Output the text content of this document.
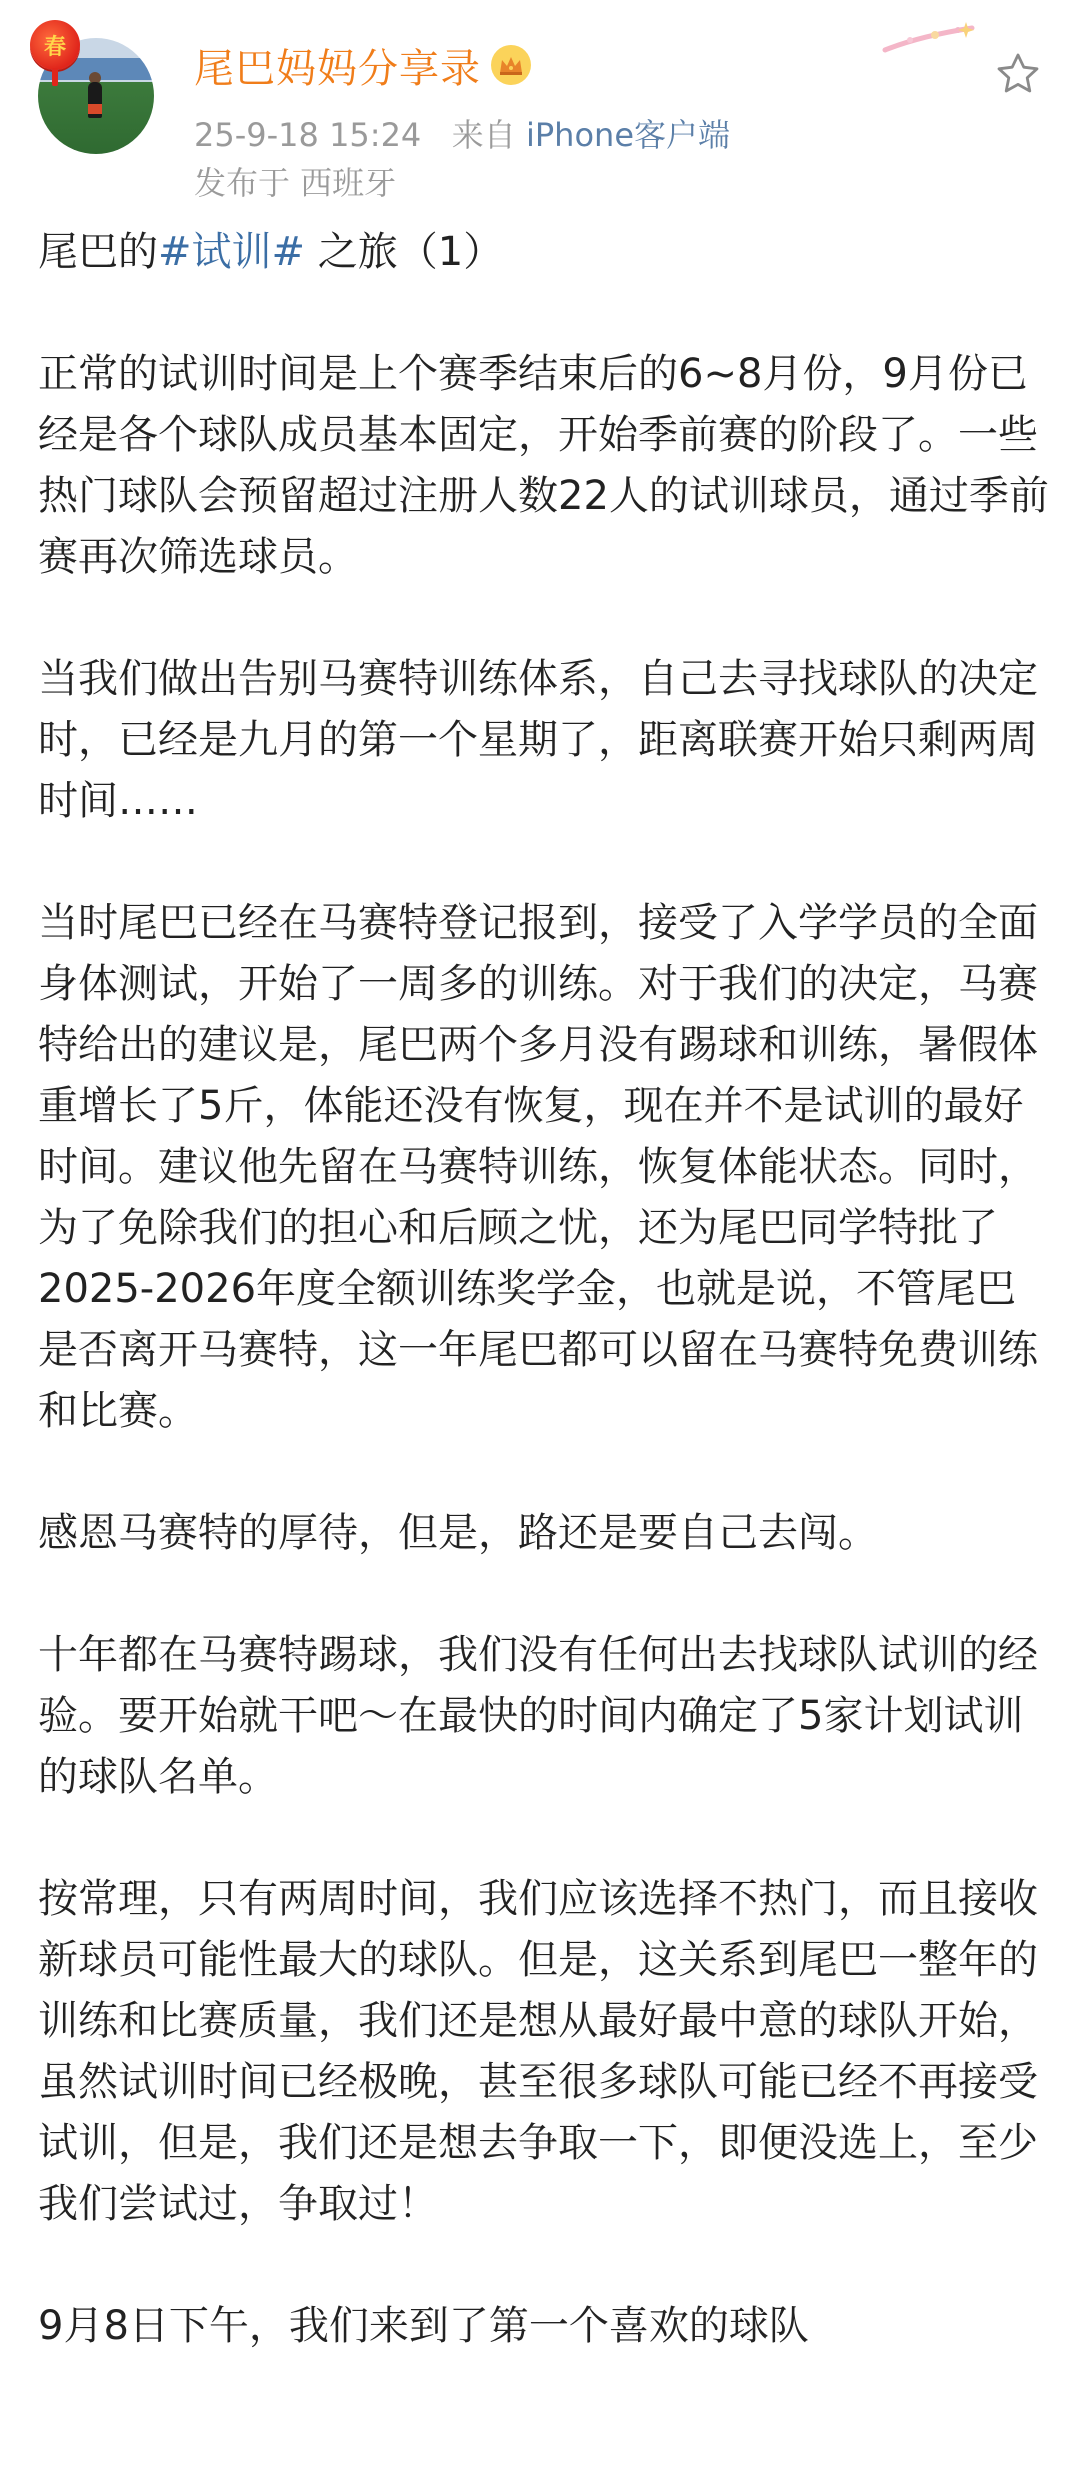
春	尾巴妈妈分享录
25-9-18 15:24 来自 iPhone客户端
发布于 西班牙

尾巴的#试训# 之旅（1）

正常的试训时间是上个赛季结束后的6~8月份，9月份已经是各个球队成员基本固定，开始季前赛的阶段了。一些热门球队会预留超过注册人数22人的试训球员，通过季前赛再次筛选球员。

当我们做出告别马赛特训练体系，自己去寻找球队的决定时，已经是九月的第一个星期了，距离联赛开始只剩两周时间……

当时尾巴已经在马赛特登记报到，接受了入学学员的全面身体测试，开始了一周多的训练。对于我们的决定，马赛特给出的建议是，尾巴两个多月没有踢球和训练，暑假体重增长了5斤，体能还没有恢复，现在并不是试训的最好时间。建议他先留在马赛特训练，恢复体能状态。同时，为了免除我们的担心和后顾之忧，还为尾巴同学特批了2025-2026年度全额训练奖学金，也就是说，不管尾巴是否离开马赛特，这一年尾巴都可以留在马赛特免费训练和比赛。

感恩马赛特的厚待，但是，路还是要自己去闯。

十年都在马赛特踢球，我们没有任何出去找球队试训的经验。要开始就干吧～在最快的时间内确定了5家计划试训的球队名单。

按常理，只有两周时间，我们应该选择不热门，而且接收新球员可能性最大的球队。但是，这关系到尾巴一整年的训练和比赛质量，我们还是想从最好最中意的球队开始，虽然试训时间已经极晚，甚至很多球队可能已经不再接受试训，但是，我们还是想去争取一下，即便没选上，至少我们尝试过，争取过！

9月8日下午，我们来到了第一个喜欢的球队
